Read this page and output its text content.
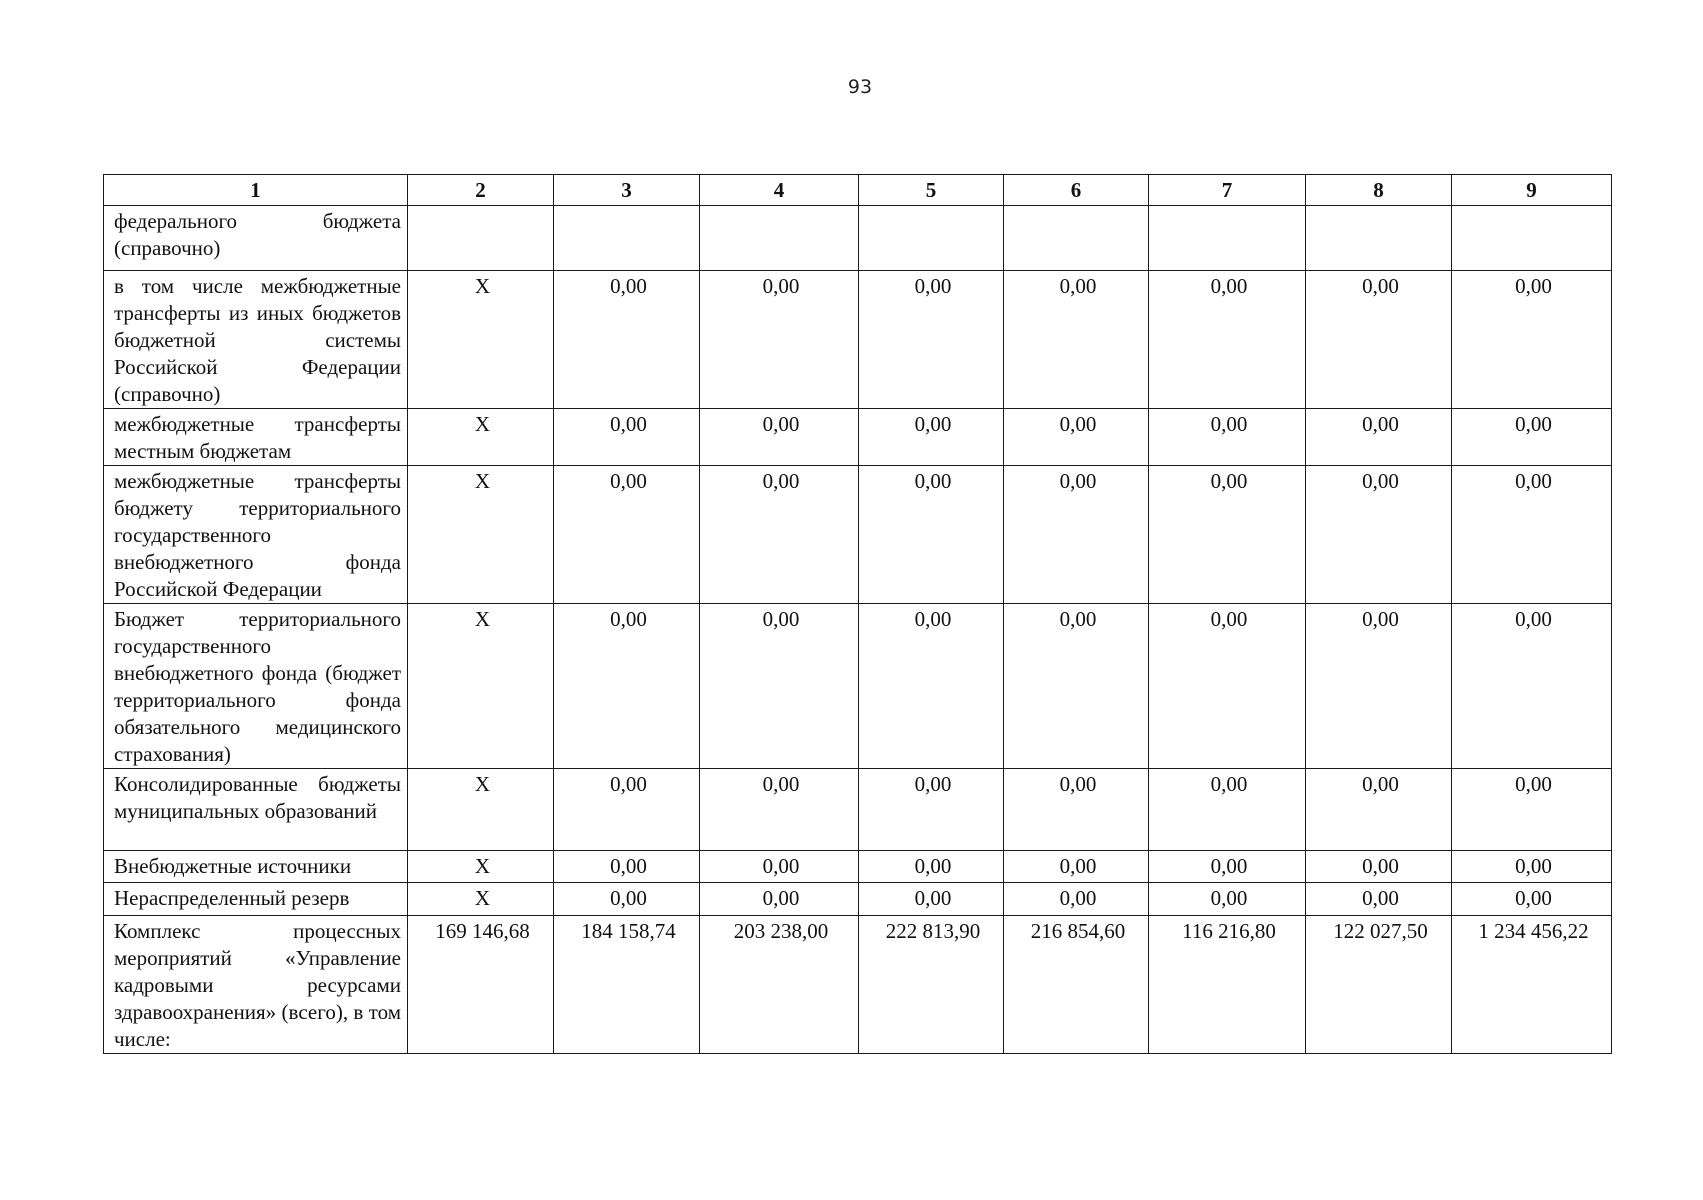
93
1	2	3	4	5	6	7	8	9
федерального бюджета (справочно)								
в том числе межбюджетные трансферты из иных бюджетов бюджетной системы Российской Федерации (справочно)	Х	0,00	0,00	0,00	0,00	0,00	0,00	0,00
межбюджетные трансферты местным бюджетам	Х	0,00	0,00	0,00	0,00	0,00	0,00	0,00
межбюджетные трансферты бюджету территориального государственного внебюджетного фонда Российской Федерации	Х	0,00	0,00	0,00	0,00	0,00	0,00	0,00
Бюджет территориального государственного внебюджетного фонда (бюджет территориального фонда обязательного медицинского страхования)	Х	0,00	0,00	0,00	0,00	0,00	0,00	0,00
Консолидированные бюджеты муниципальных образований	Х	0,00	0,00	0,00	0,00	0,00	0,00	0,00
Внебюджетные источники	Х	0,00	0,00	0,00	0,00	0,00	0,00	0,00
Нераспределенный резерв	Х	0,00	0,00	0,00	0,00	0,00	0,00	0,00
Комплекс процессных мероприятий «Управление кадровыми ресурсами здравоохранения» (всего), в том числе:	169 146,68	184 158,74	203 238,00	222 813,90	216 854,60	116 216,80	122 027,50	1 234 456,22
